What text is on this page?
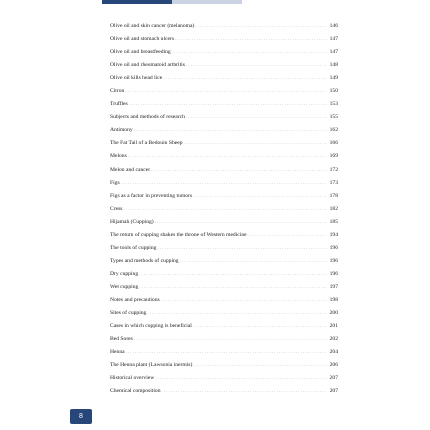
Olive oil and skin cancer (melanoma) . . .	146
Olive oil and stomach ulcers . . .	147
Olive oil and breastfeeding . . .	147
Olive oil and rheumatoid arthritis . . .	148
Olive oil kills head lice . . .	149
Citron . . .	150
Truffles . . .	153
Subjects and methods of research . . .	155
Antimony . . .	162
The Fat Tail of a Bedouin Sheep . . .	166
Melons . . .	169
Melon and cancer . . .	172
Figs . . .	173
Figs as a factor in preventing tumors . . .	178
Cress . . .	182
Hijamah (Cupping) . . .	185
The return of cupping shakes the throne of Western medicine . . .	194
The tools of cupping . . .	196
Types and methods of cupping . . .	196
Dry cupping . . .	196
Wet cupping . . .	197
Notes and precautions . . .	198
Sites of cupping . . .	200
Cases in which cupping is beneficial . . .	201
Bed Sores . . .	202
Henna . . .	204
The Henna plant (Lawsonia inermis) . . .	206
Historical overview . . .	207
Chemical composition . . .	207
8
